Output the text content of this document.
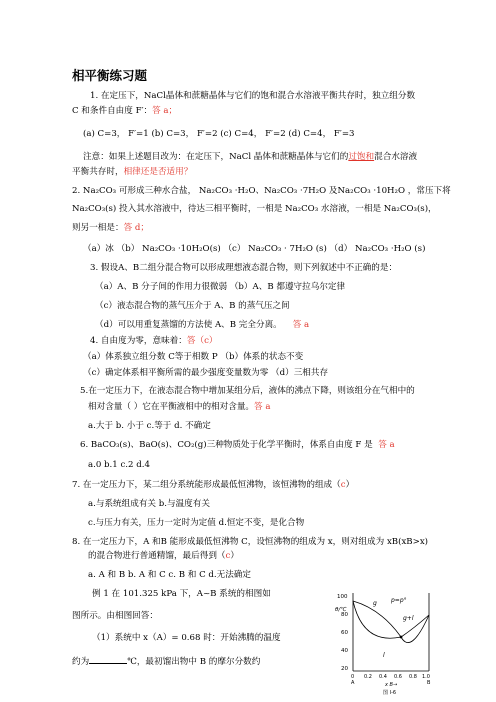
相平衡练习题
1. 在定压下，NaCl晶体和蔗糖晶体与它们的饱和混合水溶液平衡共存时，独立组分数
C 和条件自由度 F′：答 a；
(a) C=3， F′=1 (b) C=3， F′=2 (c) C=4， F′=2 (d) C=4， F′=3
注意：如果上述题目改为：在定压下，NaCl 晶体和蔗糖晶体与它们的过饱和混合水溶液
平衡共存时，相律还是否适用？
2. Na₂CO₃ 可形成三种水合盐， Na₂CO₃ ·H₂O、Na₂CO₃ ·7H₂O 及Na₂CO₃ ·10H₂O ，常压下将
Na₂CO₃(s) 投入其水溶液中，待达三相平衡时，一相是 Na₂CO₃ 水溶液，一相是 Na₂CO₃(s)，
则另一相是：答 d；
（a）冰 （b） Na₂CO₃ ·10H₂O(s) （c） Na₂CO₃ · 7H₂O (s) （d） Na₂CO₃ ·H₂O (s)
3. 假设A、B二组分混合物可以形成理想液态混合物，则下列叙述中不正确的是：
（a）A、B 分子间的作用力很微弱 （b）A、B 都遵守拉乌尔定律
（c）液态混合物的蒸气压介于 A、B 的蒸气压之间
（d）可以用重复蒸馏的方法使 A、B 完全分离。 答 a
4. 自由度为零，意味着：答（c）
（a）体系独立组分数 C等于相数 P （b）体系的状态不变
（c）确定体系相平衡所需的最少强度变量数为零 （d）三相共存
5.在一定压力下，在液态混合物中增加某组分后，液体的沸点下降，则该组分在气相中的
相对含量（ ）它在平衡液相中的相对含量。答 a
a.大于 b. 小于 c.等于 d. 不确定
6. BaCO₃(s)、BaO(s)、CO₂(g)三种物质处于化学平衡时，体系自由度 F 是 答 a
a.0 b.1 c.2 d.4
7. 在一定压力下，某二组分系统能形成最低恒沸物，该恒沸物的组成（c）
a.与系统组成有关 b.与温度有关
c.与压力有关，压力一定时为定值 d.恒定不变，是化合物
8. 在一定压力下，A 和B 能形成最低恒沸物 C，设恒沸物的组成为 x，则对组成为 xB(xB>x)
的混合物进行普通精馏，最后得到（c）
a. A 和 B b. A 和 C c. B 和 C d.无法确定
例 1 在 101.325 kPa 下，A~B 系统的相图如
图所示。由相图回答：
（1）系统中 x（A）= 0.68 时：开始沸腾的温度
约为	℃，最初馏出物中 B 的摩尔分数约
100
80
60
40
20
θ/℃
p=p°
g
g+l
l
0 0.2 0.4 0.6 0.8 1.0
A	B
x B→
图 I-6
